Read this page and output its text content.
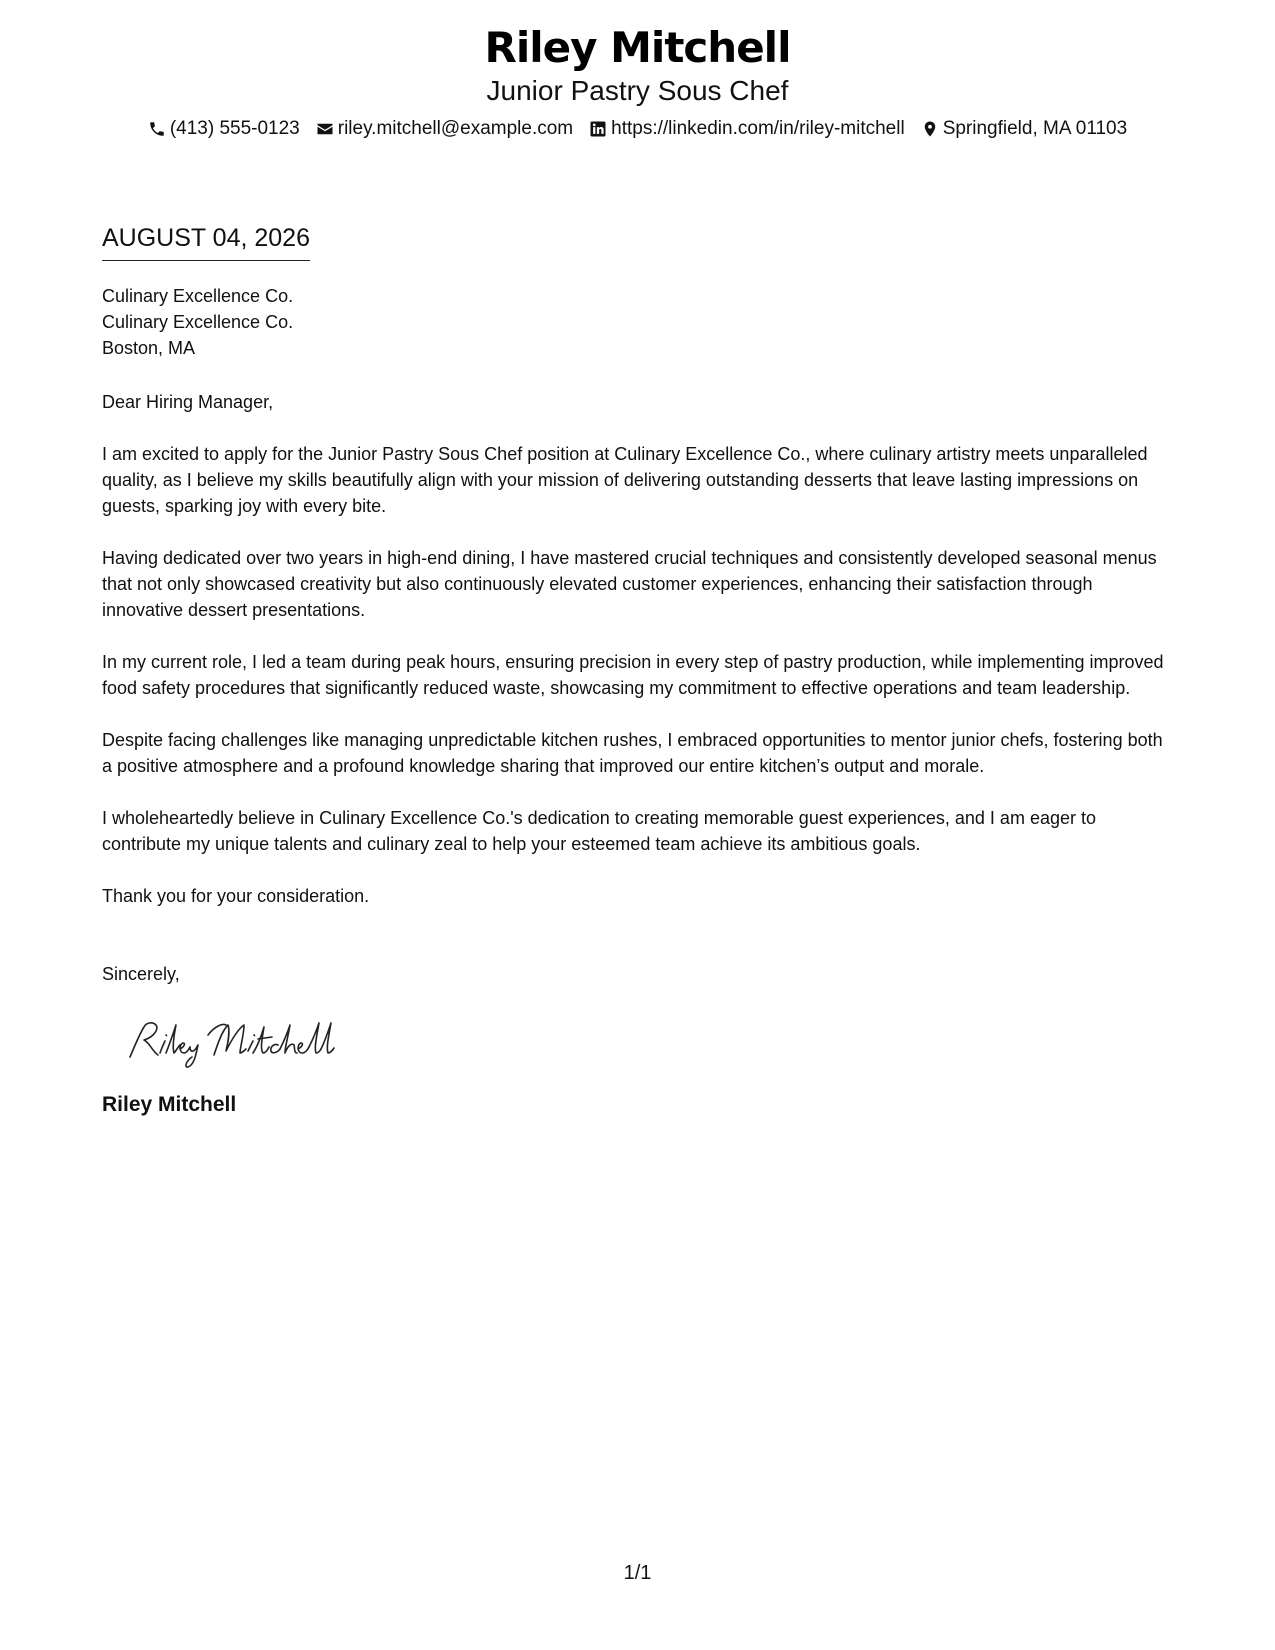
Riley Mitchell
Junior Pastry Sous Chef
(413) 555-0123 riley.mitchell@example.com https://linkedin.com/in/riley-mitchell Springfield, MA 01103
AUGUST 04, 2026
Culinary Excellence Co.
Culinary Excellence Co.
Boston, MA

Dear Hiring Manager,

I am excited to apply for the Junior Pastry Sous Chef position at Culinary Excellence Co., where culinary artistry meets unparalleled quality, as I believe my skills beautifully align with your mission of delivering outstanding desserts that leave lasting impressions on guests, sparking joy with every bite.

Having dedicated over two years in high-end dining, I have mastered crucial techniques and consistently developed seasonal menus that not only showcased creativity but also continuously elevated customer experiences, enhancing their satisfaction through innovative dessert presentations.

In my current role, I led a team during peak hours, ensuring precision in every step of pastry production, while implementing improved food safety procedures that significantly reduced waste, showcasing my commitment to effective operations and team leadership.

Despite facing challenges like managing unpredictable kitchen rushes, I embraced opportunities to mentor junior chefs, fostering both a positive atmosphere and a profound knowledge sharing that improved our entire kitchen’s output and morale.

I wholeheartedly believe in Culinary Excellence Co.'s dedication to creating memorable guest experiences, and I am eager to contribute my unique talents and culinary zeal to help your esteemed team achieve its ambitious goals.

Thank you for your consideration.

Sincerely,

Riley Mitchell
1/1
